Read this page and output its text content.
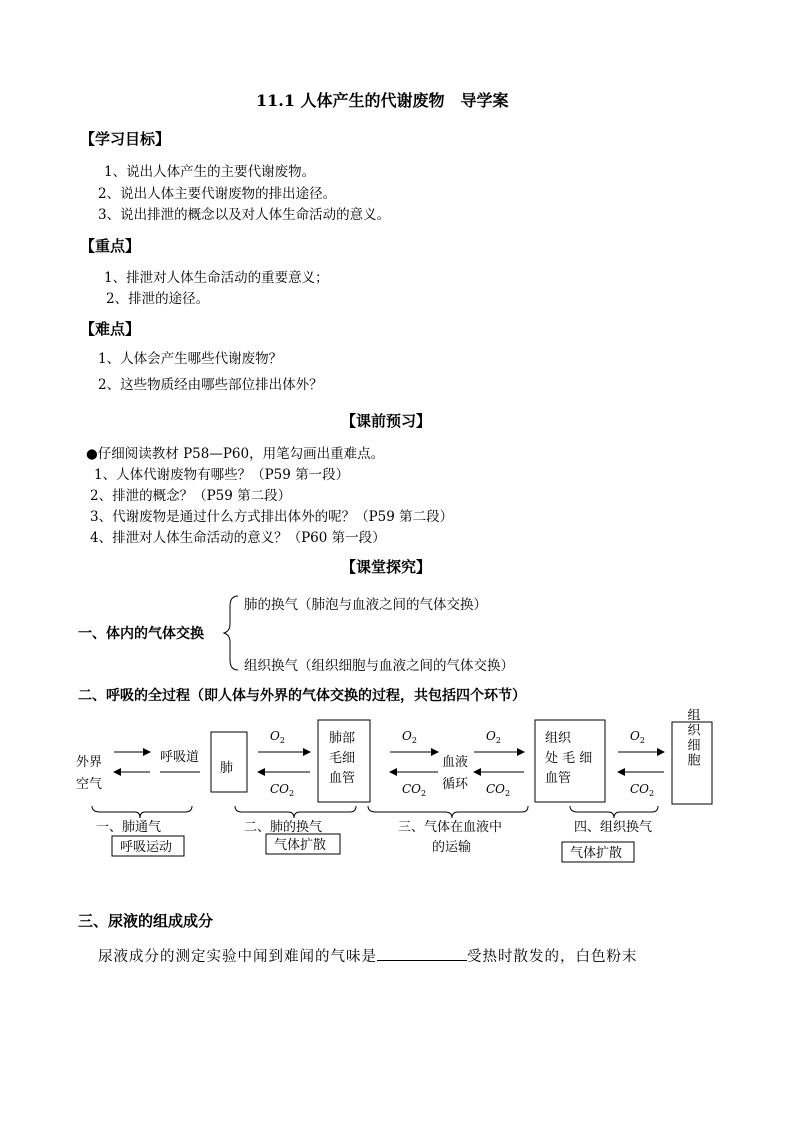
11.1 人体产生的代谢废物　导学案
【学习目标】
1、说出人体产生的主要代谢废物。
2、说出人体主要代谢废物的排出途径。
3、说出排泄的概念以及对人体生命活动的意义。
【重点】
1、排泄对人体生命活动的重要意义；
2、排泄的途径。
【难点】
1、人体会产生哪些代谢废物？
2、这些物质经由哪些部位排出体外？
【课前预习】
●仔细阅读教材 P58—P60，用笔勾画出重难点。
1、人体代谢废物有哪些？（P59 第一段）
2、排泄的概念？（P59 第二段）
3、代谢废物是通过什么方式排出体外的呢？（P59 第二段）
4、排泄对人体生命活动的意义？（P60 第一段）
【课堂探究】
一、体内的气体交换
肺的换气（肺泡与血液之间的气体交换）
组织换气（组织细胞与血液之间的气体交换）
二、呼吸的全过程（即人体与外界的气体交换的过程，共包括四个环节）
外界
空气
呼吸道
肺
$O_2$
$CO_2$
肺部
毛细
血管
$O_2$
$CO_2$
血液
循环
$O_2$
$CO_2$
组织
处 毛 细
血管
$O_2$
$CO_2$
组织细胞
一、肺通气
呼吸运动
二、肺的换气
气体扩散
三、气体在血液中
的运输
四、组织换气
气体扩散
三、尿液的组成成分
尿液成分的测定实验中闻到难闻的气味是	受热时散发的，白色粉末
